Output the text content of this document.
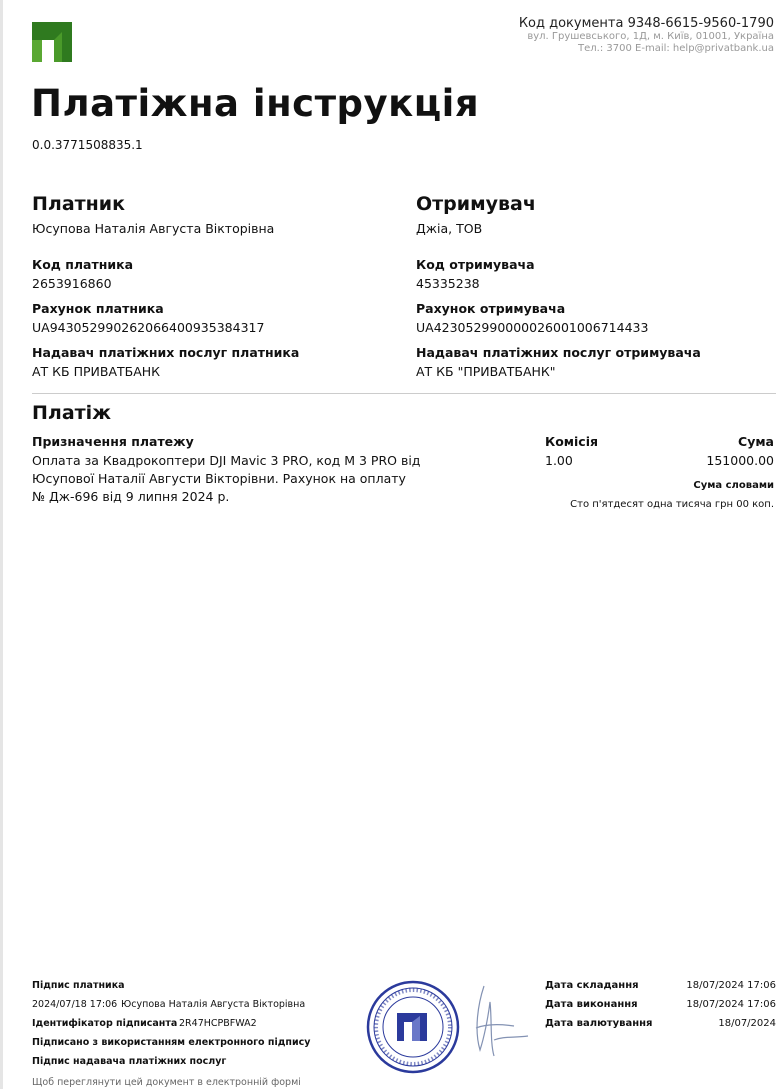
Код документа 9348-6615-9560-1790
вул. Грушевського, 1Д, м. Київ, 01001, Україна
Тел.: 3700 E-mail: help@privatbank.ua
Платіжна інструкція
0.0.3771508835.1
Платник
Юсупова Наталія Августа Вікторівна
Код платника
2653916860
Рахунок платника
UA943052990262066400935384317
Надавач платіжних послуг платника
АТ КБ ПРИВАТБАНК
Отримувач
Джіа, ТОВ
Код отримувача
45335238
Рахунок отримувача
UA423052990000026001006714433
Надавач платіжних послуг отримувача
АТ КБ "ПРИВАТБАНК"
Платіж
Призначення платежу
Оплата за Квадрокоптери DJI Mavic 3 PRO, код M 3 PRO від
Юсупової Наталії Августи Вікторівни. Рахунок на оплату
№ Дж-696 від 9 липня 2024 р.
Комісія
1.00
Сума
151000.00
Сума словами
Сто п'ятдесят одна тисяча грн 00 коп.
Підпис платника
2024/07/18 17:06 Юсупова Наталія Августа Вікторівна
Ідентифікатор підписанта 2R47HCPBFWA2
Підписано з використанням електронного підпису
Підпис надавача платіжних послуг
Щоб переглянути цей документ в електронній формі
Дата складання	18/07/2024 17:06
Дата виконання	18/07/2024 17:06
Дата валютування	18/07/2024
